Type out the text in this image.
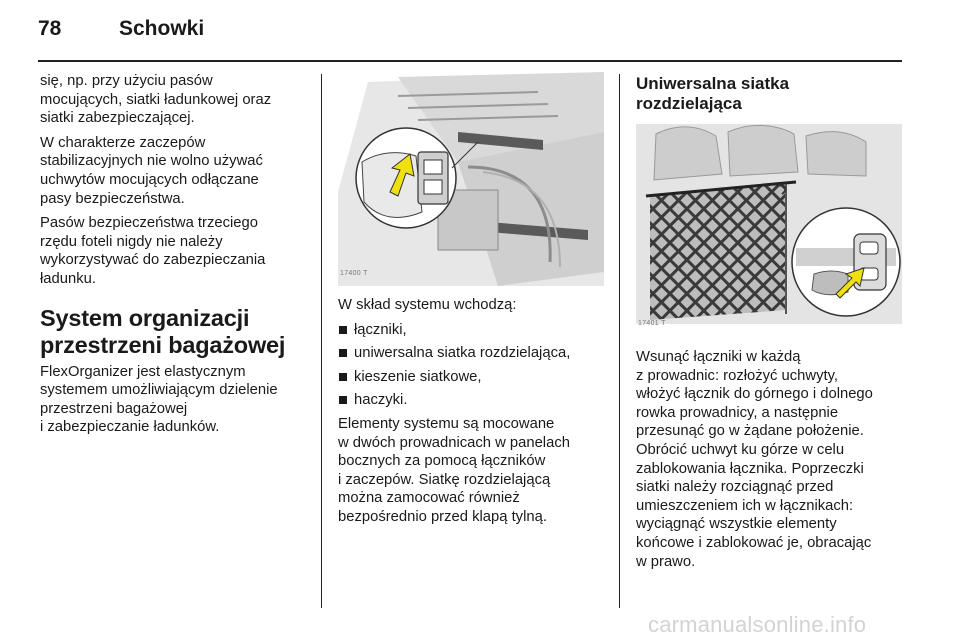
78	Schowki

się, np. przy użyciu pasów
mocujących, siatki ładunkowej oraz
siatki zabezpieczającej.

W charakterze zaczepów
stabilizacyjnych nie wolno używać
uchwytów mocujących odłączane
pasy bezpieczeństwa.

Pasów bezpieczeństwa trzeciego
rzędu foteli nigdy nie należy
wykorzystywać do zabezpieczania
ładunku.

System organizacji
przestrzeni bagażowej

FlexOrganizer jest elastycznym
systemem umożliwiającym dzielenie
przestrzeni bagażowej
i zabezpieczanie ładunków.

17400 T

W skład systemu wchodzą:

łączniki,
uniwersalna siatka rozdzielająca,
kieszenie siatkowe,
haczyki.

Elementy systemu są mocowane
w dwóch prowadnicach w panelach
bocznych za pomocą łączników
i zaczepów. Siatkę rozdzielającą
można zamocować również
bezpośrednio przed klapą tylną.

Uniwersalna siatka
rozdzielająca
17401 T

Wsunąć łączniki w każdą
z prowadnic: rozłożyć uchwyty,
włożyć łącznik do górnego i dolnego
rowka prowadnicy, a następnie
przesunąć go w żądane położenie.
Obrócić uchwyt ku górze w celu
zablokowania łącznika. Poprzeczki
siatki należy rozciągnąć przed
umieszczeniem ich w łącznikach:
wyciągnąć wszystkie elementy
końcowe i zablokować je, obracając
w prawo.

carmanualsonline.info
